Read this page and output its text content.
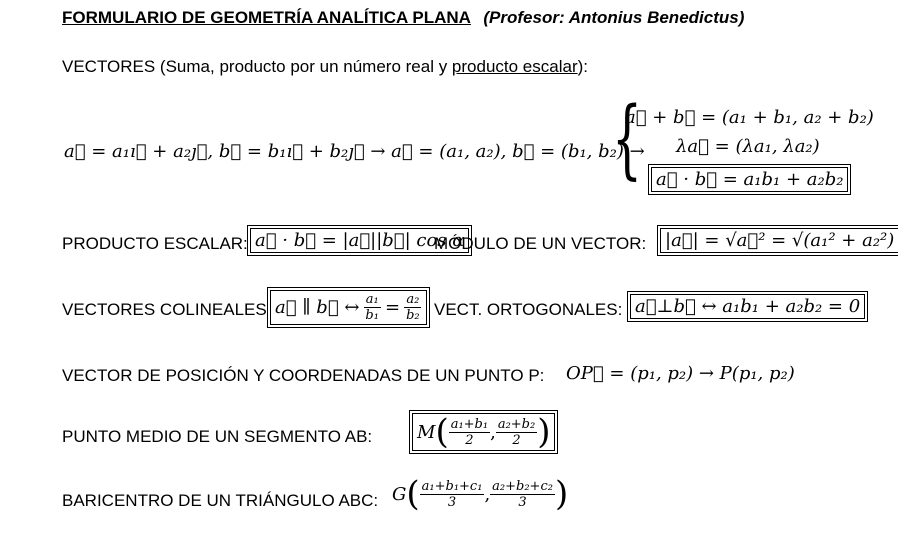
FORMULARIO DE GEOMETRÍA ANALÍTICA PLANA (Profesor: Antonius Benedictus)
VECTORES (Suma, producto por un número real y producto escalar):
a⃗ = a₁ı⃗ + a₂ȷ⃗, b⃗ = b₁ı⃗ + b₂ȷ⃗ → a⃗ = (a₁, a₂), b⃗ = (b₁, b₂) →
{
a⃗ + b⃗ = (a₁ + b₁, a₂ + b₂)
λa⃗ = (λa₁, λa₂)
a⃗ · b⃗ = a₁b₁ + a₂b₂
PRODUCTO ESCALAR: a⃗ · b⃗ = |a⃗||b⃗| cos α
MÓDULO DE UN VECTOR: |a⃗| = √a⃗² = √(a₁² + a₂²)
VECTORES COLINEALES: a⃗ ∥ b⃗ ↔ $\frac{\text{a₁}}{\text{b₁}} = \frac{\text{a₂}}{\text{b₂}}$ VECT. ORTOGONALES: a⃗⊥b⃗ ↔ a₁b₁ + a₂b₂ = 0
VECTOR DE POSICIÓN Y COORDENADAS DE UN PUNTO P: OP⃗ = (p₁, p₂) → P(p₁, p₂)
PUNTO MEDIO DE UN SEGMENTO AB: M ( $\frac{\text{a₁+b₁}}{2}$ , $\frac{\text{a₂+b₂}}{2}$ )
BARICENTRO DE UN TRIÁNGULO ABC: G ( $\frac{\text{a₁+b₁+c₁}}{3}$ , $\frac{\text{a₂+b₂+c₂}}{3}$ )
